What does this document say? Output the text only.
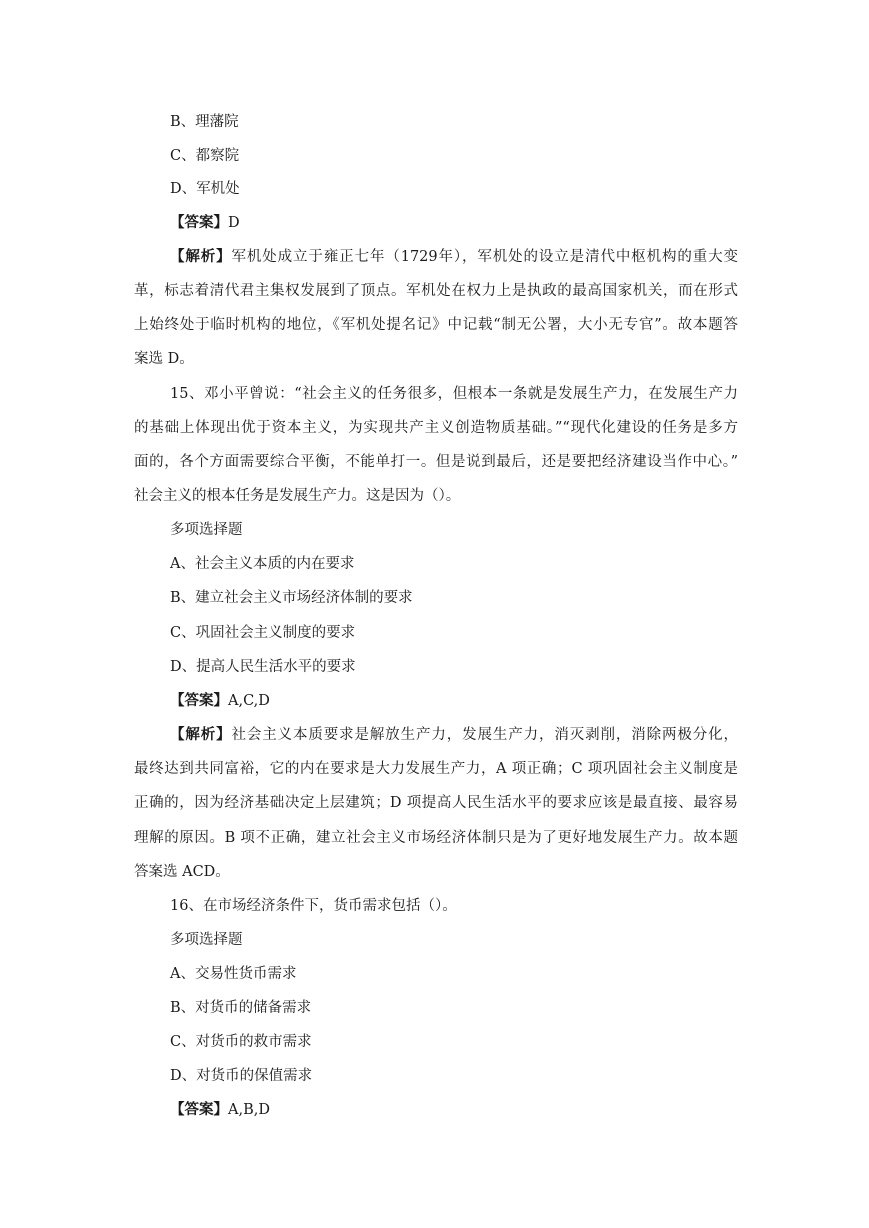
B、理藩院
C、都察院
D、军机处
【答案】D
【解析】军机处成立于雍正七年（1729年），军机处的设立是清代中枢机构的重大变
革，标志着清代君主集权发展到了顶点。军机处在权力上是执政的最高国家机关，而在形式
上始终处于临时机构的地位，《军机处提名记》中记载“制无公署，大小无专官”。故本题答
案选 D。
15、邓小平曾说：“社会主义的任务很多，但根本一条就是发展生产力，在发展生产力
的基础上体现出优于资本主义，为实现共产主义创造物质基础。”“现代化建设的任务是多方
面的，各个方面需要综合平衡，不能单打一。但是说到最后，还是要把经济建设当作中心。”
社会主义的根本任务是发展生产力。这是因为（）。
多项选择题
A、社会主义本质的内在要求
B、建立社会主义市场经济体制的要求
C、巩固社会主义制度的要求
D、提高人民生活水平的要求
【答案】A,C,D
【解析】社会主义本质要求是解放生产力，发展生产力，消灭剥削，消除两极分化，
最终达到共同富裕，它的内在要求是大力发展生产力，A 项正确；C 项巩固社会主义制度是
正确的，因为经济基础决定上层建筑；D 项提高人民生活水平的要求应该是最直接、最容易
理解的原因。B 项不正确，建立社会主义市场经济体制只是为了更好地发展生产力。故本题
答案选 ACD。
16、在市场经济条件下，货币需求包括（）。
多项选择题
A、交易性货币需求
B、对货币的储备需求
C、对货币的救市需求
D、对货币的保值需求
【答案】A,B,D
